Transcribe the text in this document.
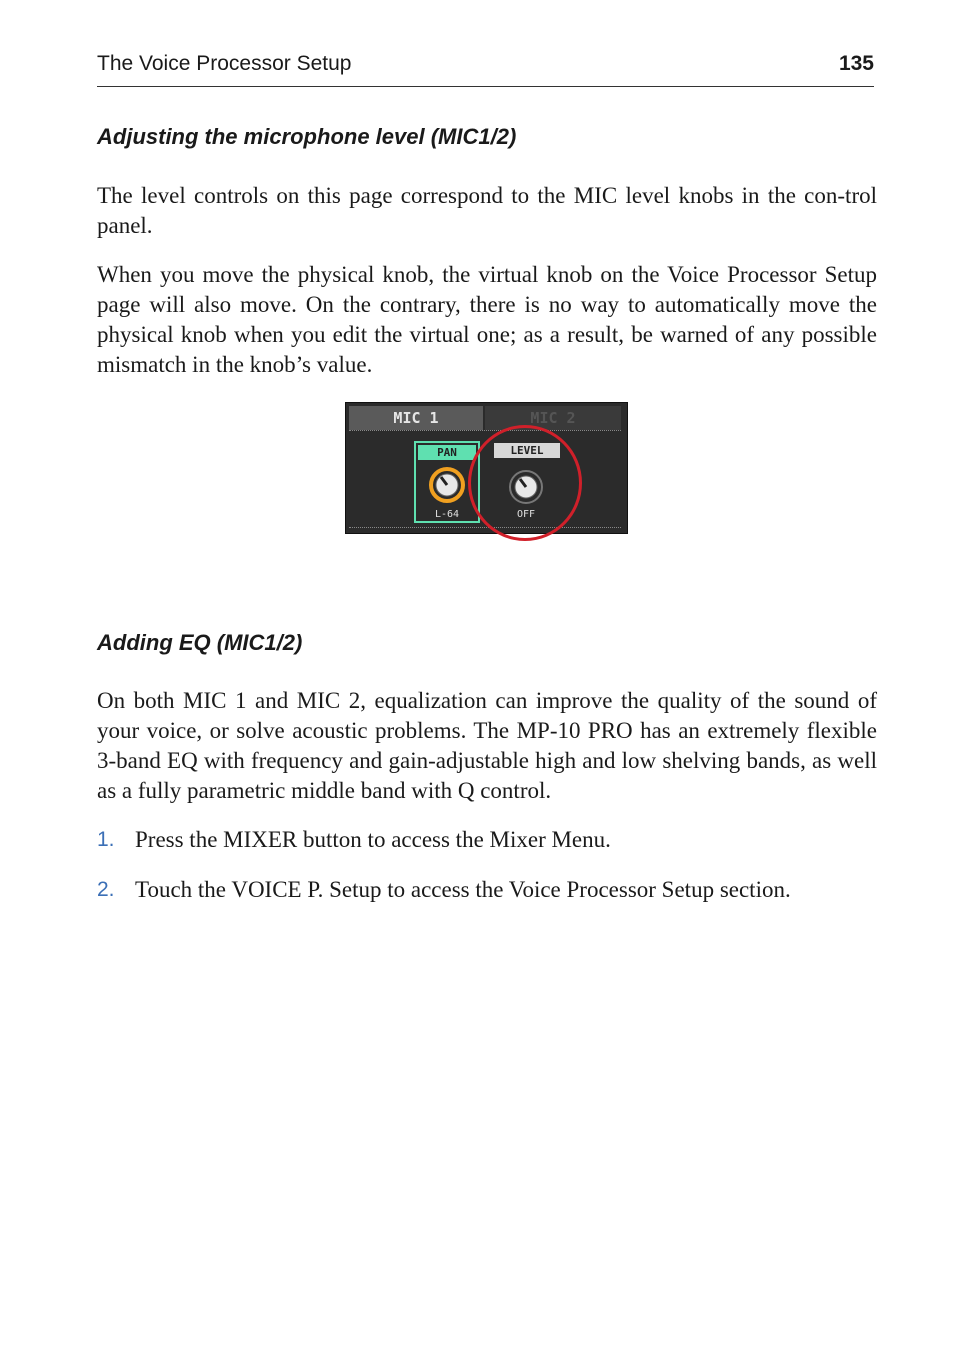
The Voice Processor Setup	135
Adjusting the microphone level (MIC1/2)

The level controls on this page correspond to the MIC level knobs in the con-trol panel.

When you move the physical knob, the virtual knob on the Voice Processor Setup page will also move. On the contrary, there is no way to automatically move the physical knob when you edit the virtual one; as a result, be warned of any possible mismatch in the knob’s value.

MIC 1	MIC 2
PAN
L-64
LEVEL
OFF
Adding EQ (MIC1/2)

On both MIC 1 and MIC 2, equalization can improve the quality of the sound of your voice, or solve acoustic problems. The MP-10 PRO has an extremely flexible 3-band EQ with frequency and gain-adjustable high and low shelving bands, as well as a fully parametric middle band with Q control.

1. Press the MIXER button to access the Mixer Menu.
2. Touch the VOICE P. Setup to access the Voice Processor Setup section.
